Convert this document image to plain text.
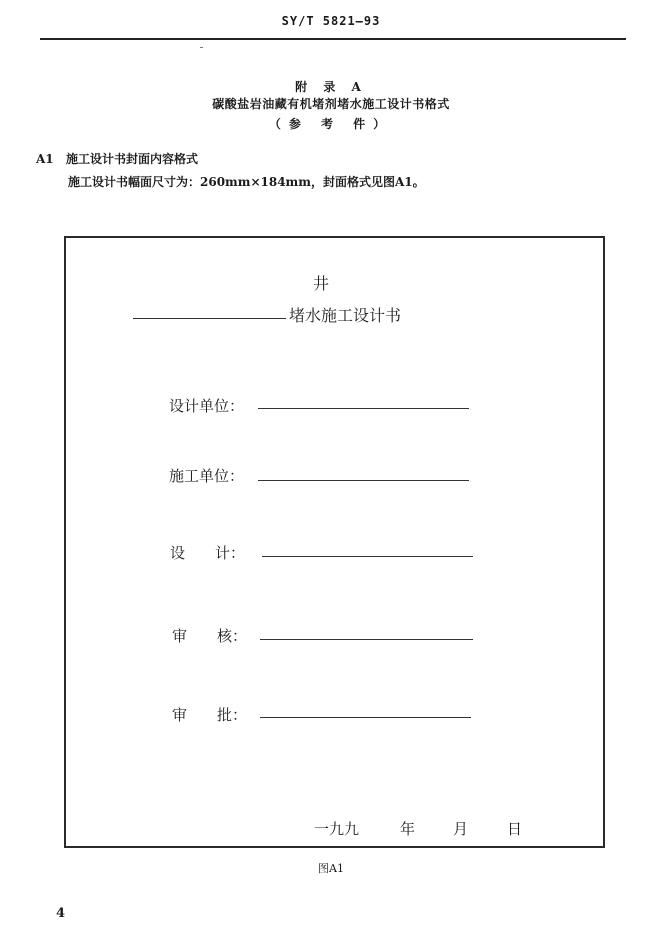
SY/T 5821—93
附 录 A
碳酸盐岩油藏有机堵剂堵水施工设计书格式
（参 考 件）
A1 施工设计书封面内容格式
施工设计书幅面尺寸为：260mm×184mm，封面格式见图A1。
井
堵水施工设计书
设计单位：
施工单位：
设　　计：
审　　核：
审　　批：
一九九	年	月	日
图A1
4
